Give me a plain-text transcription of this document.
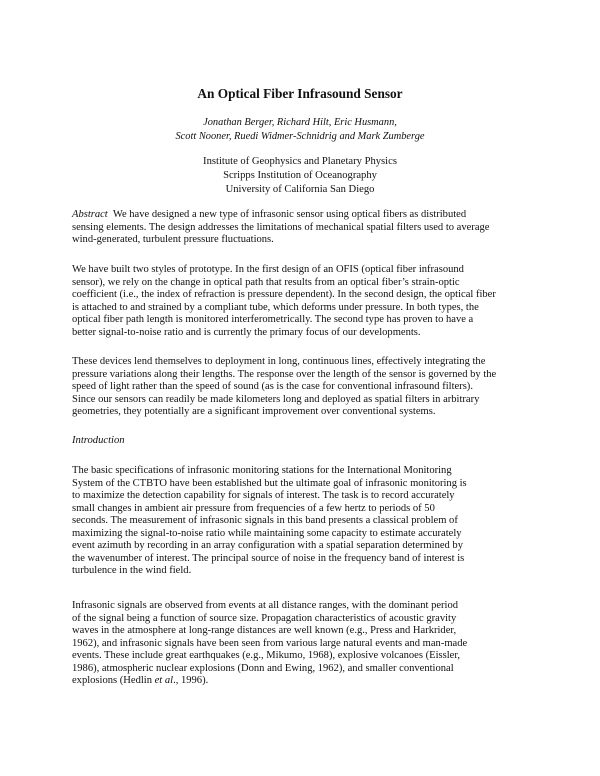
An Optical Fiber Infrasound Sensor
Jonathan Berger, Richard Hilt, Eric Husmann,
Scott Nooner, Ruedi Widmer-Schnidrig and Mark Zumberge
Institute of Geophysics and Planetary Physics
Scripps Institution of Oceanography
University of California San Diego
Abstract We have designed a new type of infrasonic sensor using optical fibers as distributed
sensing elements. The design addresses the limitations of mechanical spatial filters used to average
wind-generated, turbulent pressure fluctuations.
We have built two styles of prototype. In the first design of an OFIS (optical fiber infrasound
sensor), we rely on the change in optical path that results from an optical fiber’s strain-optic
coefficient (i.e., the index of refraction is pressure dependent). In the second design, the optical fiber
is attached to and strained by a compliant tube, which deforms under pressure. In both types, the
optical fiber path length is monitored interferometrically. The second type has proven to have a
better signal-to-noise ratio and is currently the primary focus of our developments.
These devices lend themselves to deployment in long, continuous lines, effectively integrating the
pressure variations along their lengths. The response over the length of the sensor is governed by the
speed of light rather than the speed of sound (as is the case for conventional infrasound filters).
Since our sensors can readily be made kilometers long and deployed as spatial filters in arbitrary
geometries, they potentially are a significant improvement over conventional systems.
Introduction
The basic specifications of infrasonic monitoring stations for the International Monitoring
System of the CTBTO have been established but the ultimate goal of infrasonic monitoring is
to maximize the detection capability for signals of interest. The task is to record accurately
small changes in ambient air pressure from frequencies of a few hertz to periods of 50
seconds. The measurement of infrasonic signals in this band presents a classical problem of
maximizing the signal-to-noise ratio while maintaining some capacity to estimate accurately
event azimuth by recording in an array configuration with a spatial separation determined by
the wavenumber of interest. The principal source of noise in the frequency band of interest is
turbulence in the wind field.
Infrasonic signals are observed from events at all distance ranges, with the dominant period
of the signal being a function of source size. Propagation characteristics of acoustic gravity
waves in the atmosphere at long-range distances are well known (e.g., Press and Harkrider,
1962), and infrasonic signals have been seen from various large natural events and man-made
events. These include great earthquakes (e.g., Mikumo, 1968), explosive volcanoes (Eissler,
1986), atmospheric nuclear explosions (Donn and Ewing, 1962), and smaller conventional
explosions (Hedlin et al., 1996).
